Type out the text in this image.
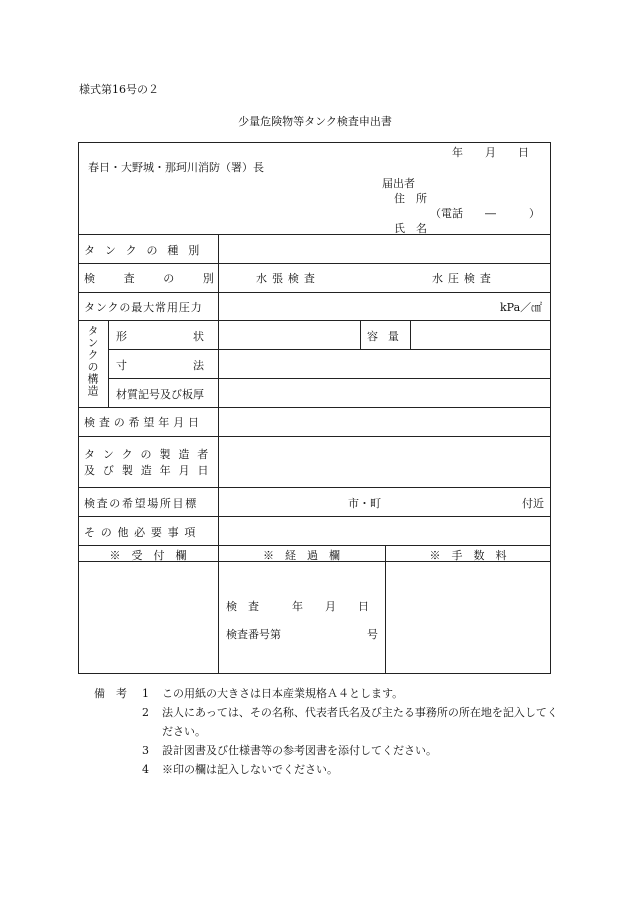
様式第16号の２
少量危険物等タンク検査申出書
年　　月　　日
春日・大野城・那珂川消防（署）長
届出者
住　所
（電話　　―　　　）
氏　名
タンクの種別
検査の別 水張検査	水圧検査
タンクの最大常用圧力	kPa／㎠
タンクの構造 形状	容量
寸法
材質記号及び板厚
検査の希望年月日
タンクの製造者
及び製造年月日
検査の希望場所目標	市・町	付近
その他必要事項
※　受　付　欄	※　経　過　欄	※　手　数　料
検　査　　　年　　月　　日
検査番号第	号
備　考	1	この用紙の大きさは日本産業規格Ａ４とします。
2	法人にあっては、その名称、代表者氏名及び主たる事務所の所在地を記入してください。
3	設計図書及び仕様書等の参考図書を添付してください。
4	※印の欄は記入しないでください。
